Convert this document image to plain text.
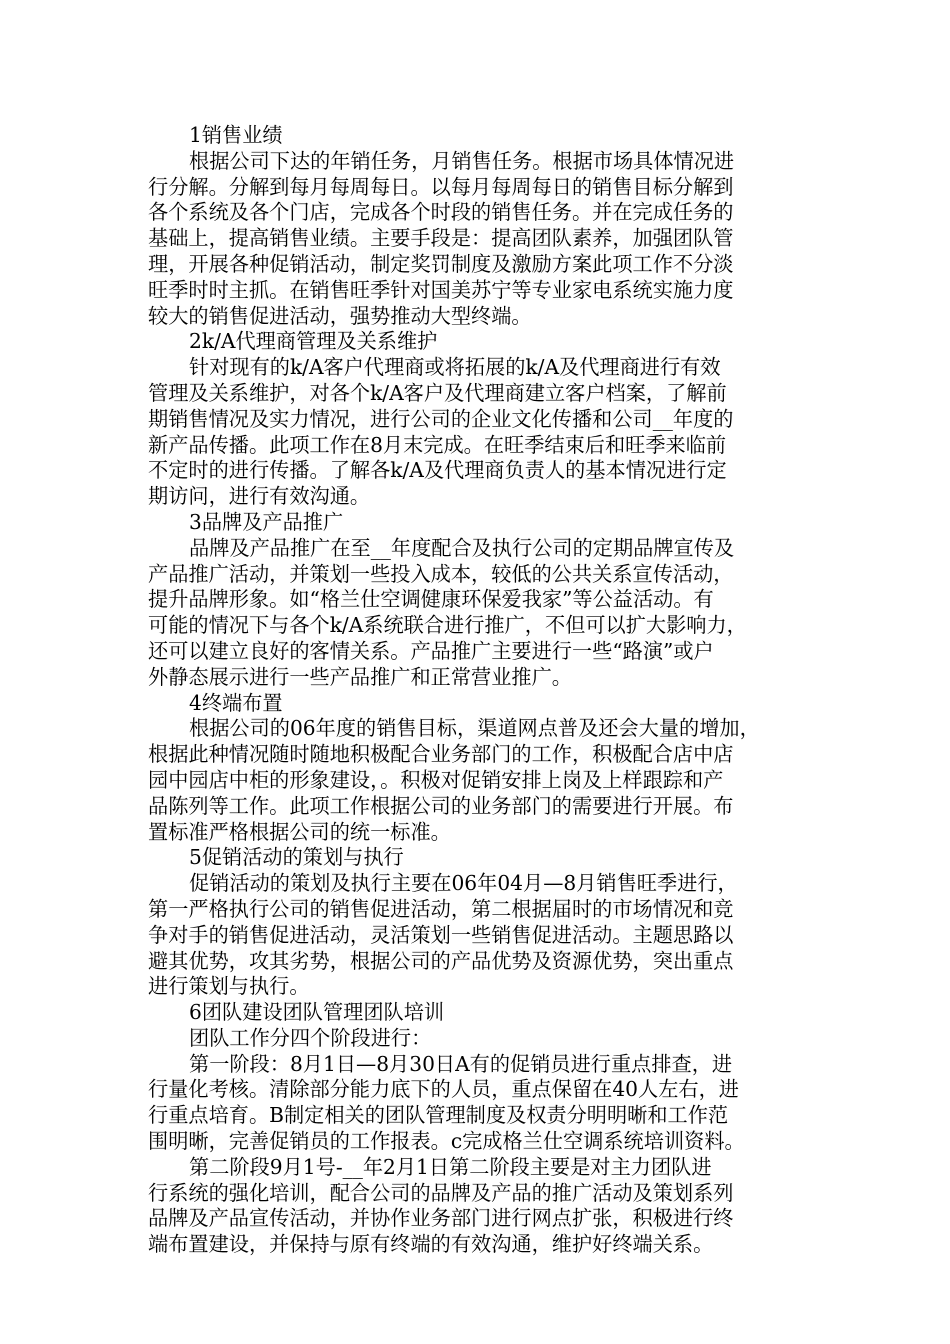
1销售业绩
根据公司下达的年销任务，月销售任务。根据市场具体情况进
行分解。分解到每月每周每日。以每月每周每日的销售目标分解到
各个系统及各个门店，完成各个时段的销售任务。并在完成任务的
基础上，提高销售业绩。主要手段是：提高团队素养，加强团队管
理，开展各种促销活动，制定奖罚制度及激励方案此项工作不分淡
旺季时时主抓。在销售旺季针对国美苏宁等专业家电系统实施力度
较大的销售促进活动，强势推动大型终端。
2k/A代理商管理及关系维护
针对现有的k/A客户代理商或将拓展的k/A及代理商进行有效
管理及关系维护，对各个k/A客户及代理商建立客户档案，了解前
期销售情况及实力情况，进行公司的企业文化传播和公司__年度的
新产品传播。此项工作在8月末完成。在旺季结束后和旺季来临前
不定时的进行传播。了解各k/A及代理商负责人的基本情况进行定
期访问，进行有效沟通。
3品牌及产品推广
品牌及产品推广在至__年度配合及执行公司的定期品牌宣传及
产品推广活动，并策划一些投入成本，较低的公共关系宣传活动，
提升品牌形象。如“格兰仕空调健康环保爱我家”等公益活动。有
可能的情况下与各个k/A系统联合进行推广，不但可以扩大影响力，
还可以建立良好的客情关系。产品推广主要进行一些“路演”或户
外静态展示进行一些产品推广和正常营业推广。
4终端布置
根据公司的06年度的销售目标，渠道网点普及还会大量的增加，
根据此种情况随时随地积极配合业务部门的工作，积极配合店中店
园中园店中柜的形象建设，。积极对促销安排上岗及上样跟踪和产
品陈列等工作。此项工作根据公司的业务部门的需要进行开展。布
置标准严格根据公司的统一标准。
5促销活动的策划与执行
促销活动的策划及执行主要在06年04月—8月销售旺季进行，
第一严格执行公司的销售促进活动，第二根据届时的市场情况和竞
争对手的销售促进活动，灵活策划一些销售促进活动。主题思路以
避其优势，攻其劣势，根据公司的产品优势及资源优势，突出重点
进行策划与执行。
6团队建设团队管理团队培训
团队工作分四个阶段进行：
第一阶段：8月1日—8月30日A有的促销员进行重点排查，进
行量化考核。清除部分能力底下的人员，重点保留在40人左右，进
行重点培育。B制定相关的团队管理制度及权责分明明晰和工作范
围明晰，完善促销员的工作报表。c完成格兰仕空调系统培训资料。
第二阶段9月1号-__年2月1日第二阶段主要是对主力团队进
行系统的强化培训，配合公司的品牌及产品的推广活动及策划系列
品牌及产品宣传活动，并协作业务部门进行网点扩张，积极进行终
端布置建设，并保持与原有终端的有效沟通，维护好终端关系。
